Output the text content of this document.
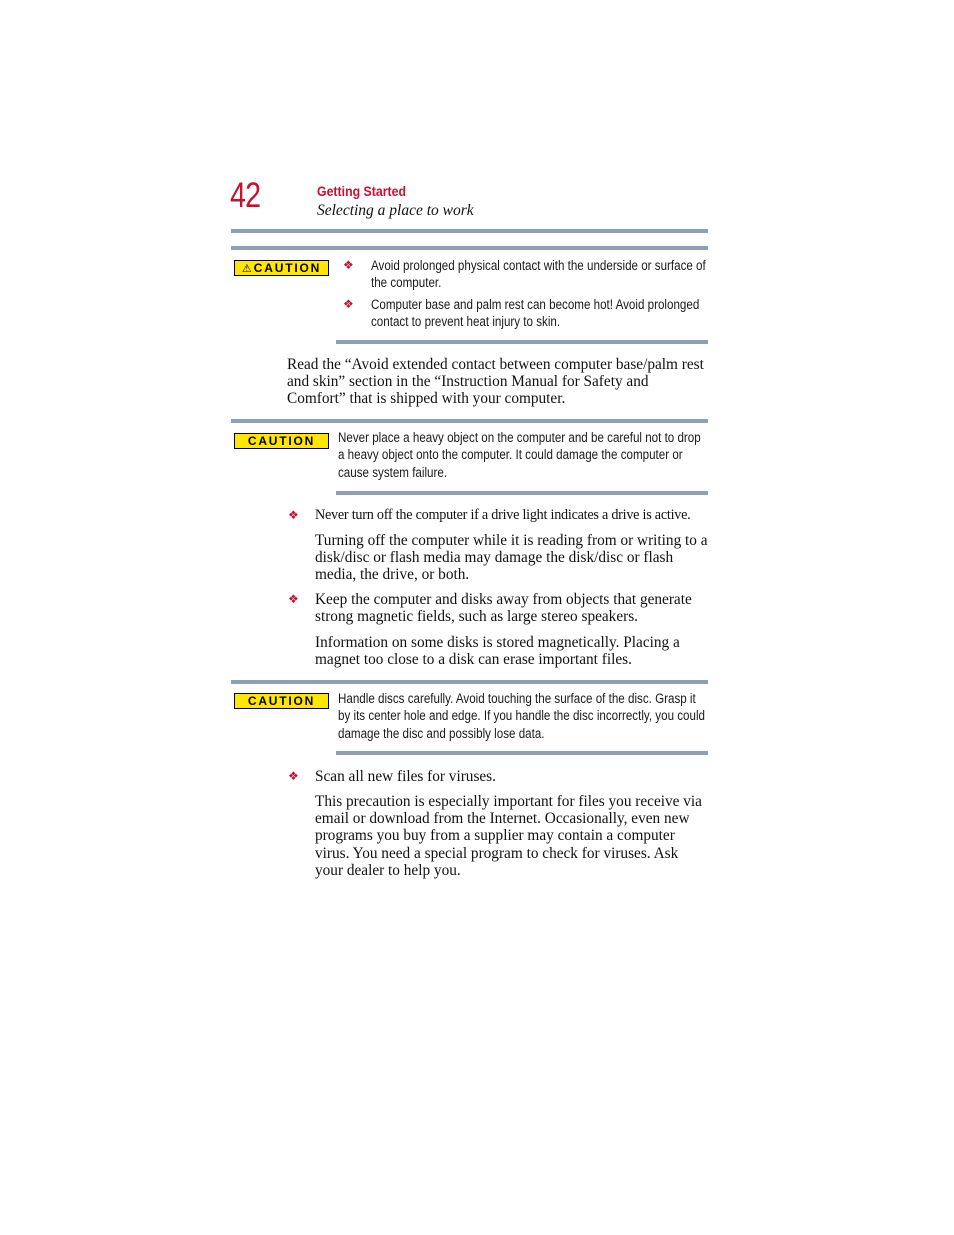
42	Getting Started
Selecting a place to work
⚠ CAUTION ❖ Avoid prolonged physical contact with the underside or surface of the computer.
❖ Computer base and palm rest can become hot! Avoid prolonged contact to prevent heat injury to skin.
Read the “Avoid extended contact between computer base/palm rest and skin” section in the “Instruction Manual for Safety and Comfort” that is shipped with your computer.
CAUTION Never place a heavy object on the computer and be careful not to drop a heavy object onto the computer. It could damage the computer or cause system failure.
❖ Never turn off the computer if a drive light indicates a drive is active.
Turning off the computer while it is reading from or writing to a disk/disc or flash media may damage the disk/disc or flash media, the drive, or both.
❖ Keep the computer and disks away from objects that generate strong magnetic fields, such as large stereo speakers.
Information on some disks is stored magnetically. Placing a magnet too close to a disk can erase important files.
CAUTION Handle discs carefully. Avoid touching the surface of the disc. Grasp it by its center hole and edge. If you handle the disc incorrectly, you could damage the disc and possibly lose data.
❖ Scan all new files for viruses.
This precaution is especially important for files you receive via email or download from the Internet. Occasionally, even new programs you buy from a supplier may contain a computer virus. You need a special program to check for viruses. Ask your dealer to help you.
